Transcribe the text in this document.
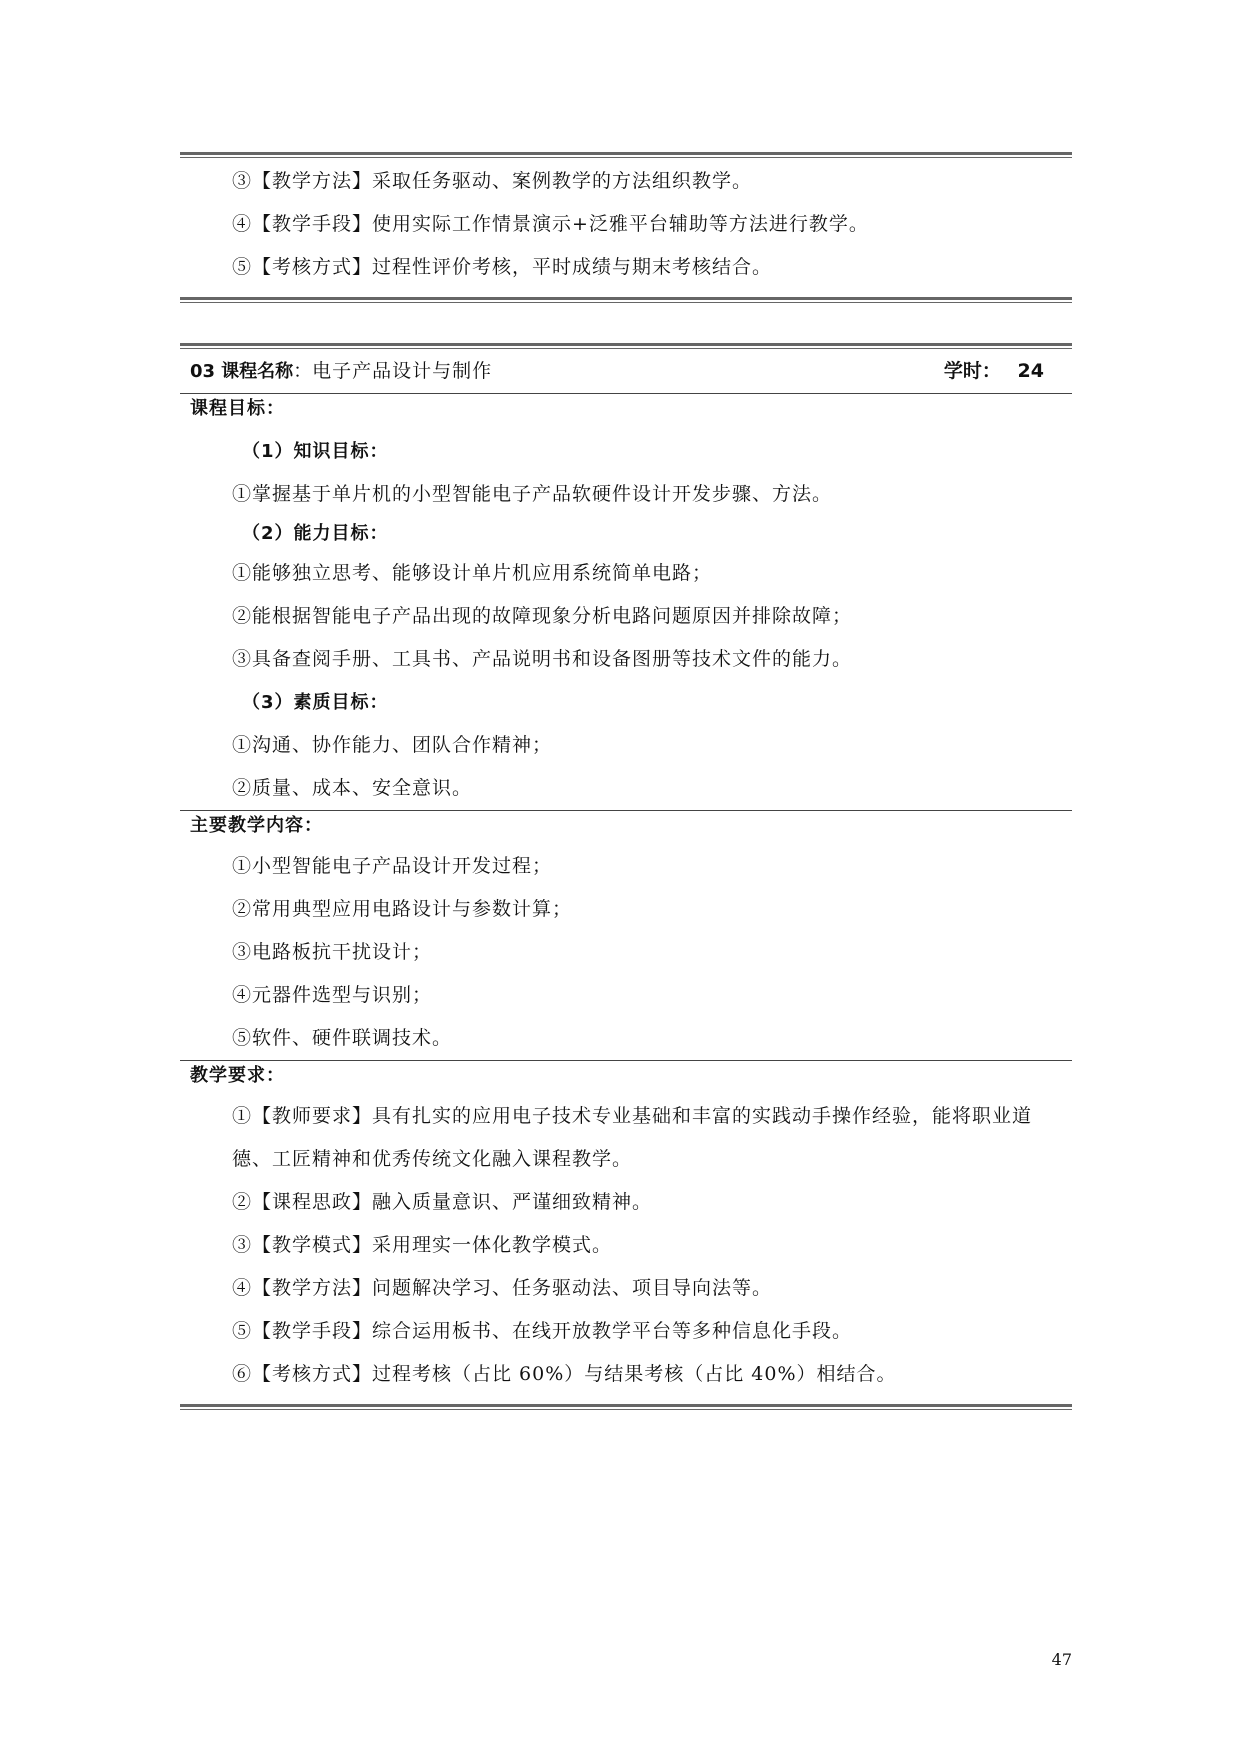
③【教学方法】采取任务驱动、案例教学的方法组织教学。
④【教学手段】使用实际工作情景演示+泛雅平台辅助等方法进行教学。
⑤【考核方式】过程性评价考核，平时成绩与期末考核结合。
03 课程名称：电子产品设计与制作	学时： 24
课程目标：
（1）知识目标：
①掌握基于单片机的小型智能电子产品软硬件设计开发步骤、方法。
（2）能力目标：
①能够独立思考、能够设计单片机应用系统简单电路；
②能根据智能电子产品出现的故障现象分析电路问题原因并排除故障；
③具备查阅手册、工具书、产品说明书和设备图册等技术文件的能力。
（3）素质目标：
①沟通、协作能力、团队合作精神；
②质量、成本、安全意识。
主要教学内容：
①小型智能电子产品设计开发过程；
②常用典型应用电路设计与参数计算；
③电路板抗干扰设计；
④元器件选型与识别；
⑤软件、硬件联调技术。
教学要求：
①【教师要求】具有扎实的应用电子技术专业基础和丰富的实践动手操作经验，能将职业道德、工匠精神和优秀传统文化融入课程教学。
②【课程思政】融入质量意识、严谨细致精神。
③【教学模式】采用理实一体化教学模式。
④【教学方法】问题解决学习、任务驱动法、项目导向法等。
⑤【教学手段】综合运用板书、在线开放教学平台等多种信息化手段。
⑥【考核方式】过程考核（占比 60%）与结果考核（占比 40%）相结合。
47
